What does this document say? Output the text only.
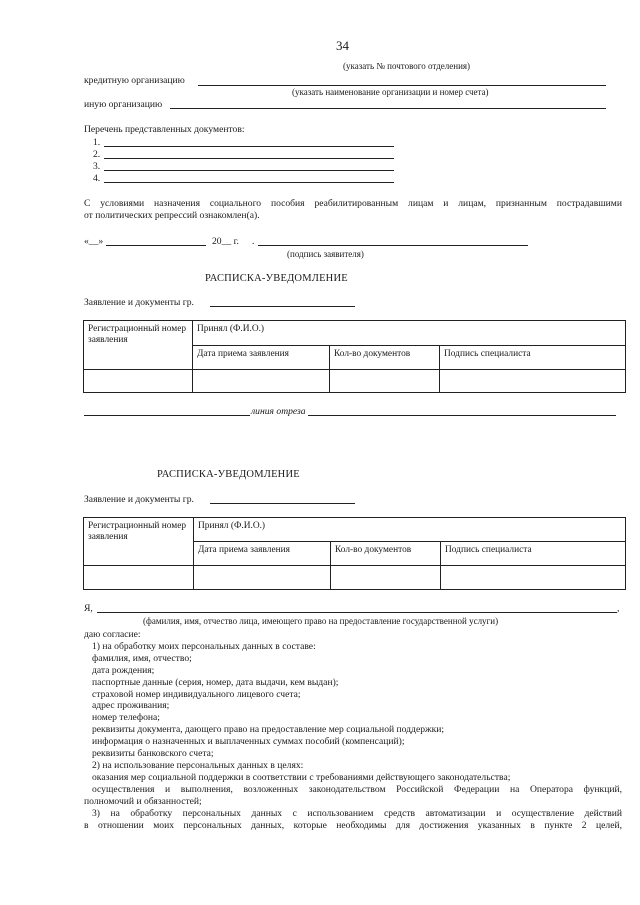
34
(указать № почтового отделения)
кредитную организацию
(указать наименование организации и номер счета)
иную организацию
Перечень представленных документов:
1.
2.
3.
4.
С условиями назначения социального пособия реабилитированным лицам и лицам, признанным пострадавшими
от политических репрессий ознакомлен(а).
«__»	20__ г. .
(подпись заявителя)
РАСПИСКА-УВЕДОМЛЕНИЕ
Заявление и документы гр.
Регистрационный номер заявления	Принял (Ф.И.О.)		
	Дата приема заявления	Кол-во документов	Подпись специалиста

линия отреза
РАСПИСКА-УВЕДОМЛЕНИЕ
Заявление и документы гр.
Регистрационный номер заявления	Принял (Ф.И.О.)		
	Дата приема заявления	Кол-во документов	Подпись специалиста

Я,	,
(фамилия, имя, отчество лица, имеющего право на предоставление государственной услуги)

даю согласие:

1) на обработку моих персональных данных в составе:

фамилия, имя, отчество;

дата рождения;

паспортные данные (серия, номер, дата выдачи, кем выдан);

страховой номер индивидуального лицевого счета;

адрес проживания;

номер телефона;

реквизиты документа, дающего право на предоставление мер социальной поддержки;

информация о назначенных и выплаченных суммах пособий (компенсаций);

реквизиты банковского счета;

2) на использование персональных данных в целях:

оказания мер социальной поддержки в соответствии с требованиями действующего законодательства;

осуществления и выполнения, возложенных законодательством Российской Федерации на Оператора функций,

полномочий и обязанностей;

3) на обработку персональных данных с использованием средств автоматизации и осуществление действий

в отношении моих персональных данных, которые необходимы для достижения указанных в пункте 2 целей,
